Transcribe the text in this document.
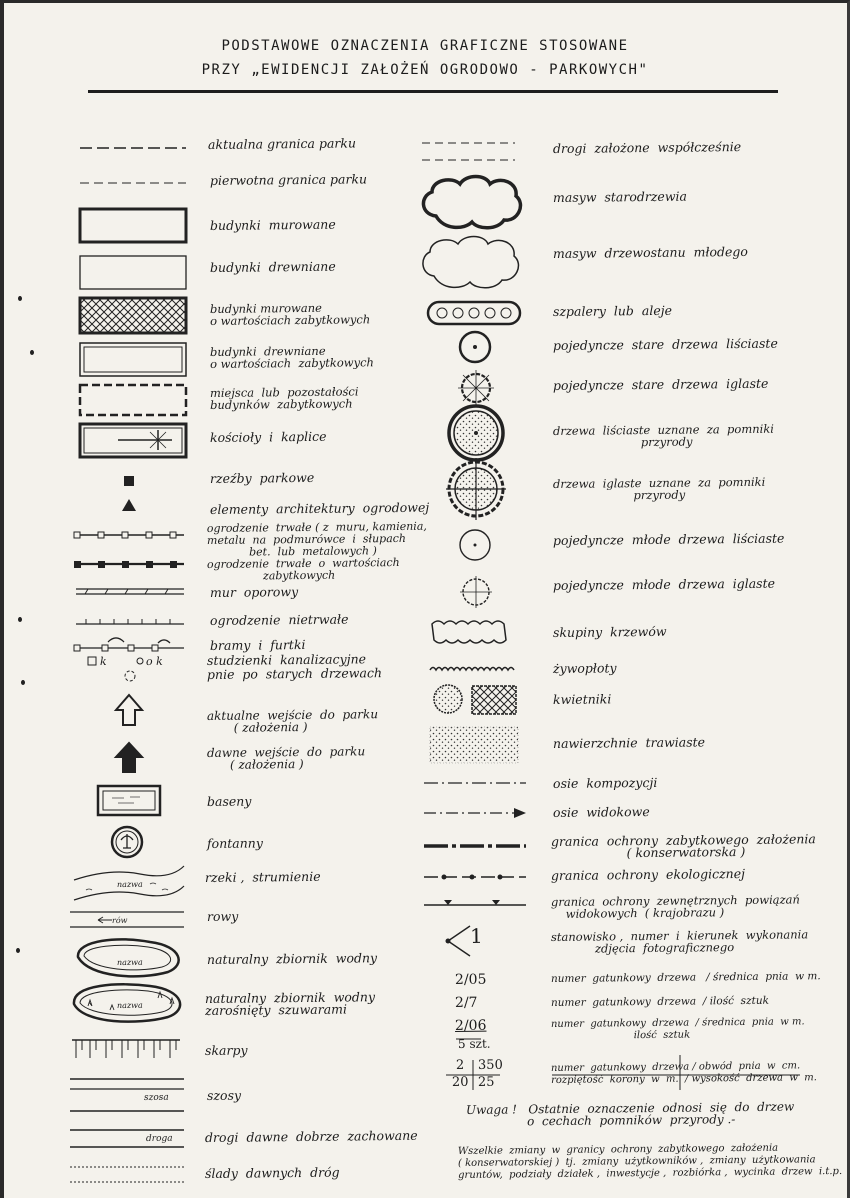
PODSTAWOWE OZNACZENIA GRAFICZNE STOSOWANE
PRZY „EWIDENCJI ZAŁOŻEŃ OGRODOWO - PARKOWYCH"
nazwa
rów
nazwa
nazwa
szosa
droga
k	o k
aktualna granica parku
pierwotna granica parku
budynki  murowane
budynki  drewniane
budynki murowane
o wartościach zabytkowych
budynki  drewniane
o wartościach  zabytkowych
miejsca  lub  pozostałości
budynków  zabytkowych
kościoły  i  kaplice
rzeźby  parkowe
elementy  architektury  ogrodowej
ogrodzenie  trwałe ( z  muru, kamienia,
metalu  na  podmurówce  i  słupach
bet.  lub  metalowych )
ogrodzenie  trwałe  o  wartościach
zabytkowych
mur  oporowy
ogrodzenie  nietrwałe
bramy  i  furtki
studzienki  kanalizacyjne
pnie  po  starych  drzewach
aktualne  wejście  do  parku
( założenia )
dawne  wejście  do  parku
( założenia )
baseny
fontanny
rzeki ,  strumienie
rowy
naturalny  zbiornik  wodny
naturalny  zbiornik  wodny
zarośnięty  szuwarami
skarpy
szosy
drogi  dawne  dobrze  zachowane
ślady  dawnych  dróg
drogi  założone  współcześnie
masyw  starodrzewia
masyw  drzewostanu  młodego
szpalery  lub  aleje
pojedyncze  stare  drzewa  liściaste
pojedyncze  stare  drzewa  iglaste
drzewa  liściaste  uznane  za  pomniki
przyrody
drzewa  iglaste  uznane  za  pomniki
przyrody
pojedyncze  młode  drzewa  liściaste
pojedyncze  młode  drzewa  iglaste
skupiny  krzewów
żywopłoty
kwietniki
nawierzchnie  trawiaste
osie  kompozycji
osie  widokowe
granica  ochrony  zabytkowego  założenia
( konserwatorska )
granica  ochrony  ekologicznej
granica  ochrony  zewnętrznych  powiązań
widokowych  ( krajobrazu )
stanowisko ,  numer  i  kierunek  wykonania
zdjęcia  fotograficznego
numer  gatunkowy  drzewa   / średnica  pnia  w m.
numer  gatunkowy  drzewa  / ilość  sztuk
numer  gatunkowy  drzewa  / średnica  pnia  w m.
ilość  sztuk
numer  gatunkowy  drzewa / obwód  pnia  w  cm.
rozpiętość  korony  w  m.  / wysokość  drzewa  w  m.
2/05
2/7
2/06
5 szt.
2 350
20 25
1
Uwaga !   Ostatnie  oznaczenie  odnosi  się  do  drzew
o  cechach  pomników  przyrody .-
Wszelkie  zmiany  w  granicy  ochrony  zabytkowego  założenia
( konserwatorskiej )  tj.  zmiany  użytkowników ,  zmiany  użytkowania
gruntów,  podziały  działek ,  inwestycje ,  rozbiórka ,  wycinka  drzew  i.t.p.
